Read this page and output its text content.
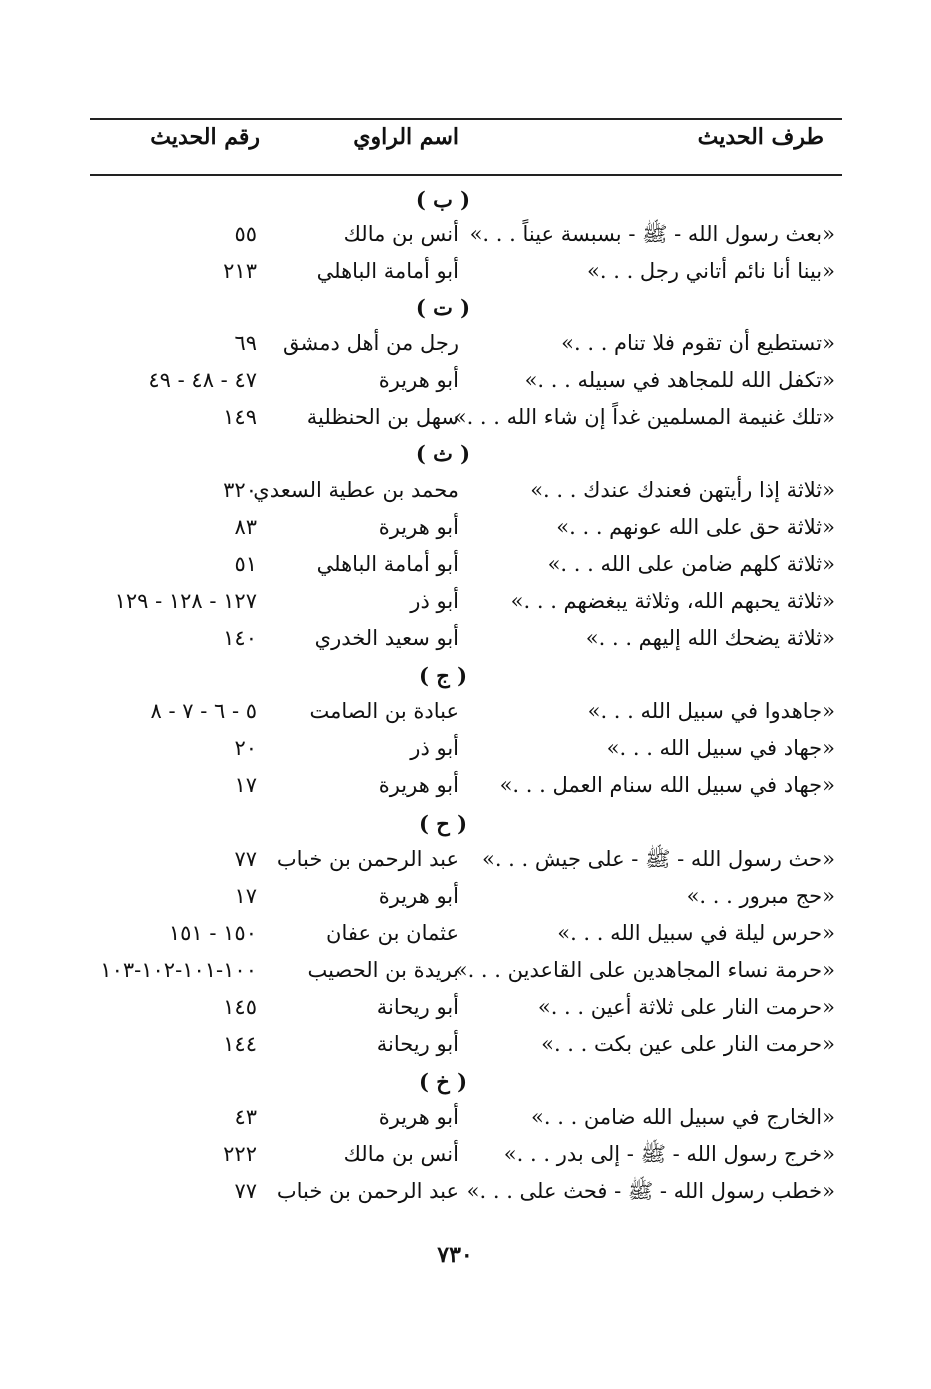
طرف الحديث
اسم الراوي
رقم الحديث
( ب )
«بعث رسول الله - ﷺ - بسبسة عيناً . . .»
أنس بن مالك
٥٥
«بينا أنا نائم أتاني رجل . . .»
أبو أمامة الباهلي
٢١٣
( ت )
«تستطيع أن تقوم فلا تنام . . .»
رجل من أهل دمشق
٦٩
«تكفل الله للمجاهد في سبيله . . .»
أبو هريرة
٤٧ - ٤٨ - ٤٩
«تلك غنيمة المسلمين غداً إن شاء الله . . .»
سهل بن الحنظلية
١٤٩
( ث )
«ثلاثة إذا رأيتهن فعندك عندك . . .»
محمد بن عطية السعدي
٣٢٠
«ثلاثة حق على الله عونهم . . .»
أبو هريرة
٨٣
«ثلاثة كلهم ضامن على الله . . .»
أبو أمامة الباهلي
٥١
«ثلاثة يحبهم الله، وثلاثة يبغضهم . . .»
أبو ذر
١٢٧ - ١٢٨ - ١٢٩
«ثلاثة يضحك الله إليهم . . .»
أبو سعيد الخدري
١٤٠
( ج )
«جاهدوا في سبيل الله . . .»
عبادة بن الصامت
٥ - ٦ - ٧ - ٨
«جهاد في سبيل الله . . .»
أبو ذر
٢٠
«جهاد في سبيل الله سنام العمل . . .»
أبو هريرة
١٧
( ح )
«حث رسول الله - ﷺ - على جيش . . .»
عبد الرحمن بن خباب
٧٧
«حج مبرور . . .»
أبو هريرة
١٧
«حرس ليلة في سبيل الله . . .»
عثمان بن عفان
١٥٠ - ١٥١
«حرمة نساء المجاهدين على القاعدين . . .»
بريدة بن الحصيب
١٠٠-١٠١-١٠٢-١٠٣
«حرمت النار على ثلاثة أعين . . .»
أبو ريحانة
١٤٥
«حرمت النار على عين بكت . . .»
أبو ريحانة
١٤٤
( خ )
«الخارج في سبيل الله ضامن . . .»
أبو هريرة
٤٣
«خرج رسول الله - ﷺ - إلى بدر . . .»
أنس بن مالك
٢٢٢
«خطب رسول الله - ﷺ - فحث على . . .»
عبد الرحمن بن خباب
٧٧
٧٣٠
